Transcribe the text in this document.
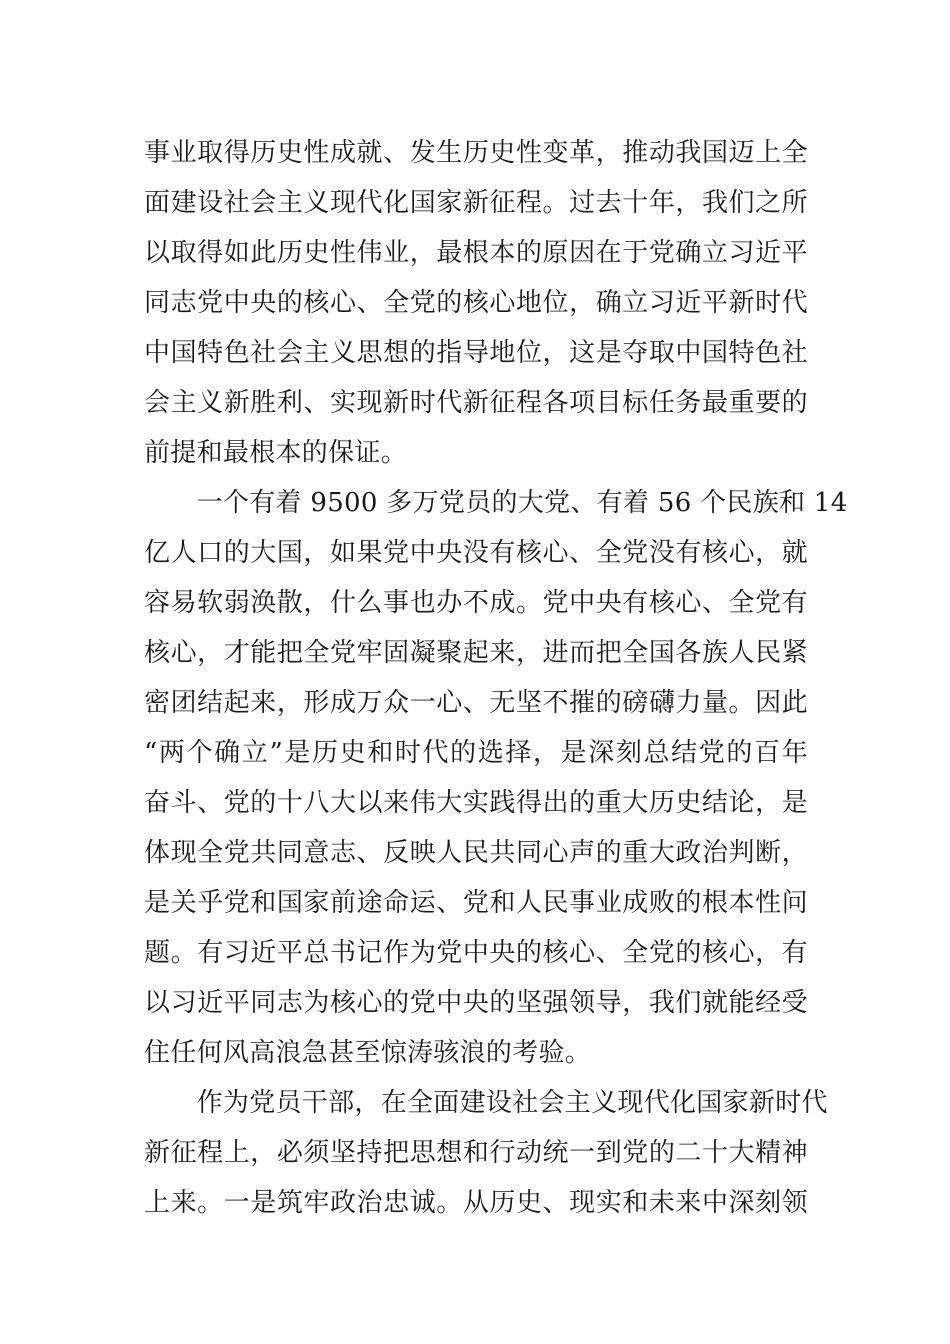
事业取得历史性成就、发生历史性变革，推动我国迈上全
面建设社会主义现代化国家新征程。过去十年，我们之所
以取得如此历史性伟业，最根本的原因在于党确立习近平
同志党中央的核心、全党的核心地位，确立习近平新时代
中国特色社会主义思想的指导地位，这是夺取中国特色社
会主义新胜利、实现新时代新征程各项目标任务最重要的
前提和最根本的保证。
　　一个有着 9500 多万党员的大党、有着 56 个民族和 14
亿人口的大国，如果党中央没有核心、全党没有核心，就
容易软弱涣散，什么事也办不成。党中央有核心、全党有
核心，才能把全党牢固凝聚起来，进而把全国各族人民紧
密团结起来，形成万众一心、无坚不摧的磅礴力量。因此
“两个确立”是历史和时代的选择，是深刻总结党的百年
奋斗、党的十八大以来伟大实践得出的重大历史结论，是
体现全党共同意志、反映人民共同心声的重大政治判断，
是关乎党和国家前途命运、党和人民事业成败的根本性问
题。有习近平总书记作为党中央的核心、全党的核心，有
以习近平同志为核心的党中央的坚强领导，我们就能经受
住任何风高浪急甚至惊涛骇浪的考验。
　　作为党员干部，在全面建设社会主义现代化国家新时代
新征程上，必须坚持把思想和行动统一到党的二十大精神
上来。一是筑牢政治忠诚。从历史、现实和未来中深刻领
